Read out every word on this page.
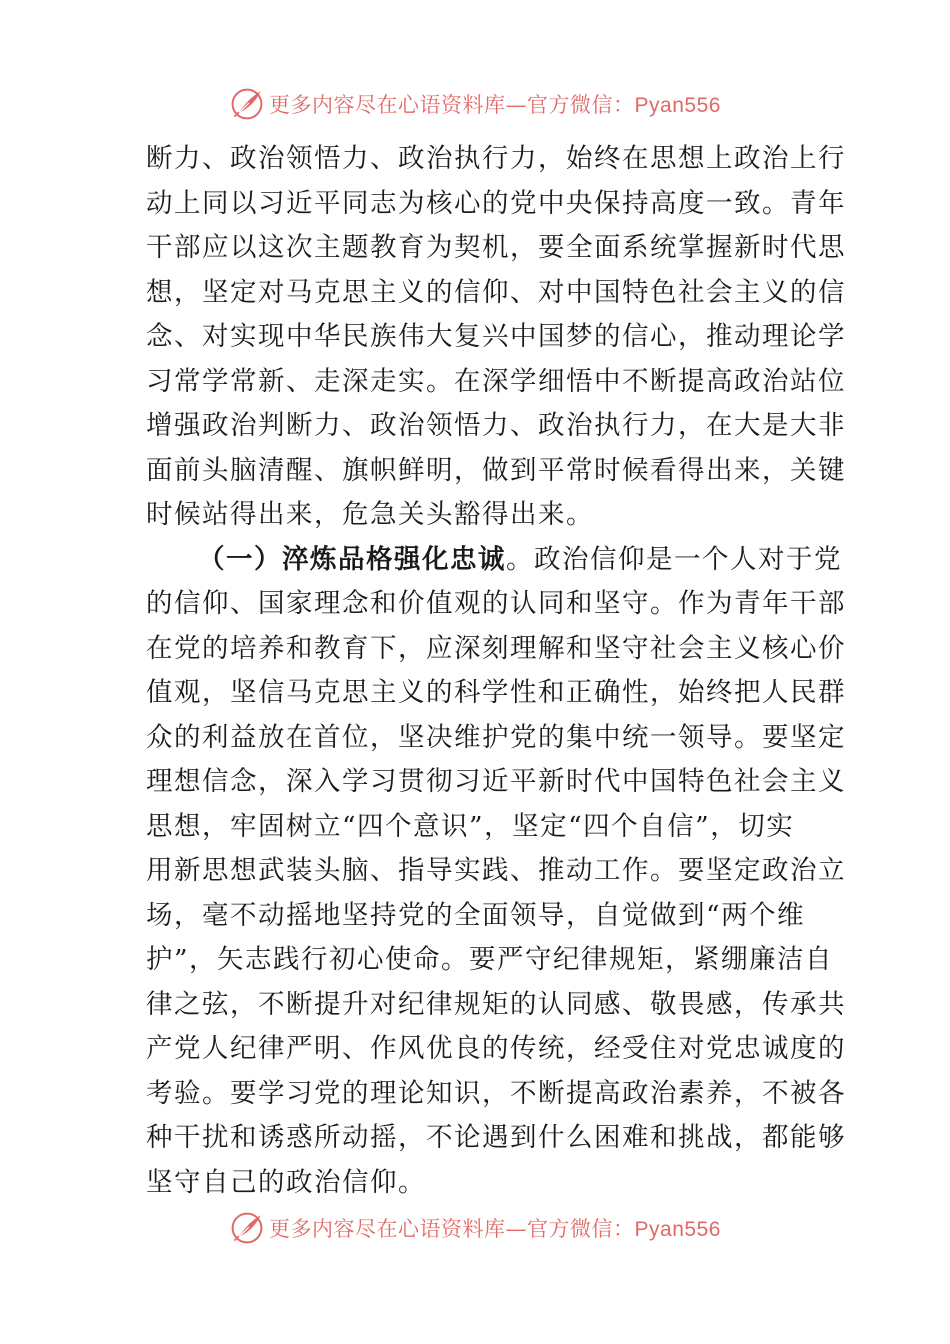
更多内容尽在心语资料库—官方微信：Pyan556
断力、政治领悟力、政治执行力，始终在思想上政治上行
动上同以习近平同志为核心的党中央保持高度一致。青年
干部应以这次主题教育为契机，要全面系统掌握新时代思
想，坚定对马克思主义的信仰、对中国特色社会主义的信
念、对实现中华民族伟大复兴中国梦的信心，推动理论学
习常学常新、走深走实。在深学细悟中不断提高政治站位
增强政治判断力、政治领悟力、政治执行力，在大是大非
面前头脑清醒、旗帜鲜明，做到平常时候看得出来，关键
时候站得出来，危急关头豁得出来。
（一）淬炼品格强化忠诚。政治信仰是一个人对于党
的信仰、国家理念和价值观的认同和坚守。作为青年干部
在党的培养和教育下，应深刻理解和坚守社会主义核心价
值观，坚信马克思主义的科学性和正确性，始终把人民群
众的利益放在首位，坚决维护党的集中统一领导。要坚定
理想信念，深入学习贯彻习近平新时代中国特色社会主义
思想，牢固树立“四个意识”，坚定“四个自信”，切实
用新思想武装头脑、指导实践、推动工作。要坚定政治立
场，毫不动摇地坚持党的全面领导，自觉做到“两个维
护”，矢志践行初心使命。要严守纪律规矩，紧绷廉洁自
律之弦，不断提升对纪律规矩的认同感、敬畏感，传承共
产党人纪律严明、作风优良的传统，经受住对党忠诚度的
考验。要学习党的理论知识，不断提高政治素养，不被各
种干扰和诱惑所动摇，不论遇到什么困难和挑战，都能够
坚守自己的政治信仰。
更多内容尽在心语资料库—官方微信：Pyan556
